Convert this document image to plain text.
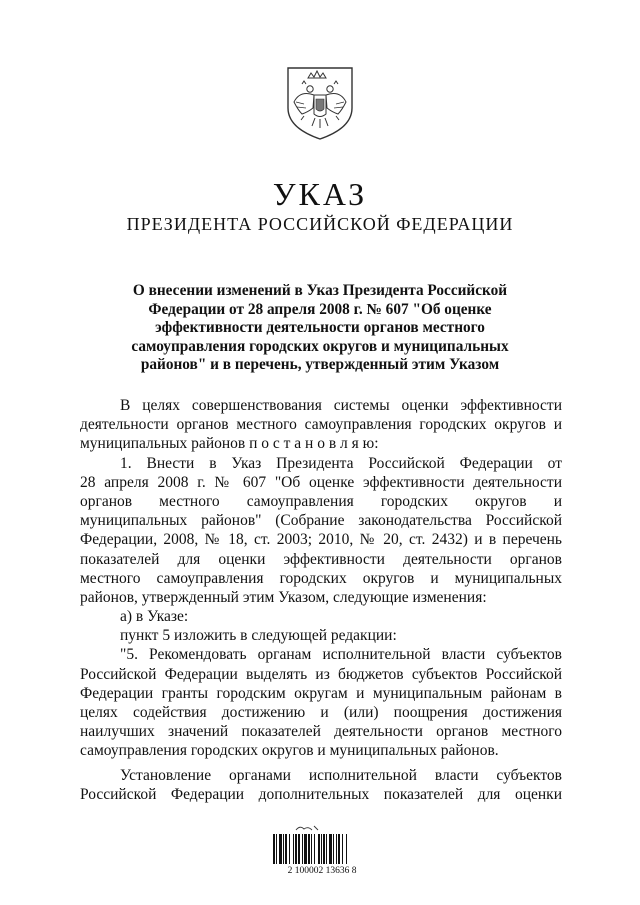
УКАЗ
ПРЕЗИДЕНТА РОССИЙСКОЙ ФЕДЕРАЦИИ
О внесении изменений в Указ Президента Российской
Федерации от 28 апреля 2008 г. № 607 "Об оценке
эффективности деятельности органов местного
самоуправления городских округов и муниципальных
районов" и в перечень, утвержденный этим Указом
В целях совершенствования системы оценки эффективности
деятельности органов местного самоуправления городских округов и
муниципальных районов п о с т а н о в л я ю:
1. Внести в Указ Президента Российской Федерации от
28 апреля 2008 г. № 607 "Об оценке эффективности деятельности
органов местного самоуправления городских округов и
муниципальных районов" (Собрание законодательства Российской
Федерации, 2008, № 18, ст. 2003; 2010, № 20, ст. 2432) и в перечень
показателей для оценки эффективности деятельности органов
местного самоуправления городских округов и муниципальных
районов, утвержденный этим Указом, следующие изменения:
а) в Указе:
пункт 5 изложить в следующей редакции:
"5. Рекомендовать органам исполнительной власти субъектов
Российской Федерации выделять из бюджетов субъектов Российской
Федерации гранты городским округам и муниципальным районам в
целях содействия достижению и (или) поощрения достижения
наилучших значений показателей деятельности органов местного
самоуправления городских округов и муниципальных районов.
Установление органами исполнительной власти субъектов
Российской Федерации дополнительных показателей для оценки
2 100002 13636 8
